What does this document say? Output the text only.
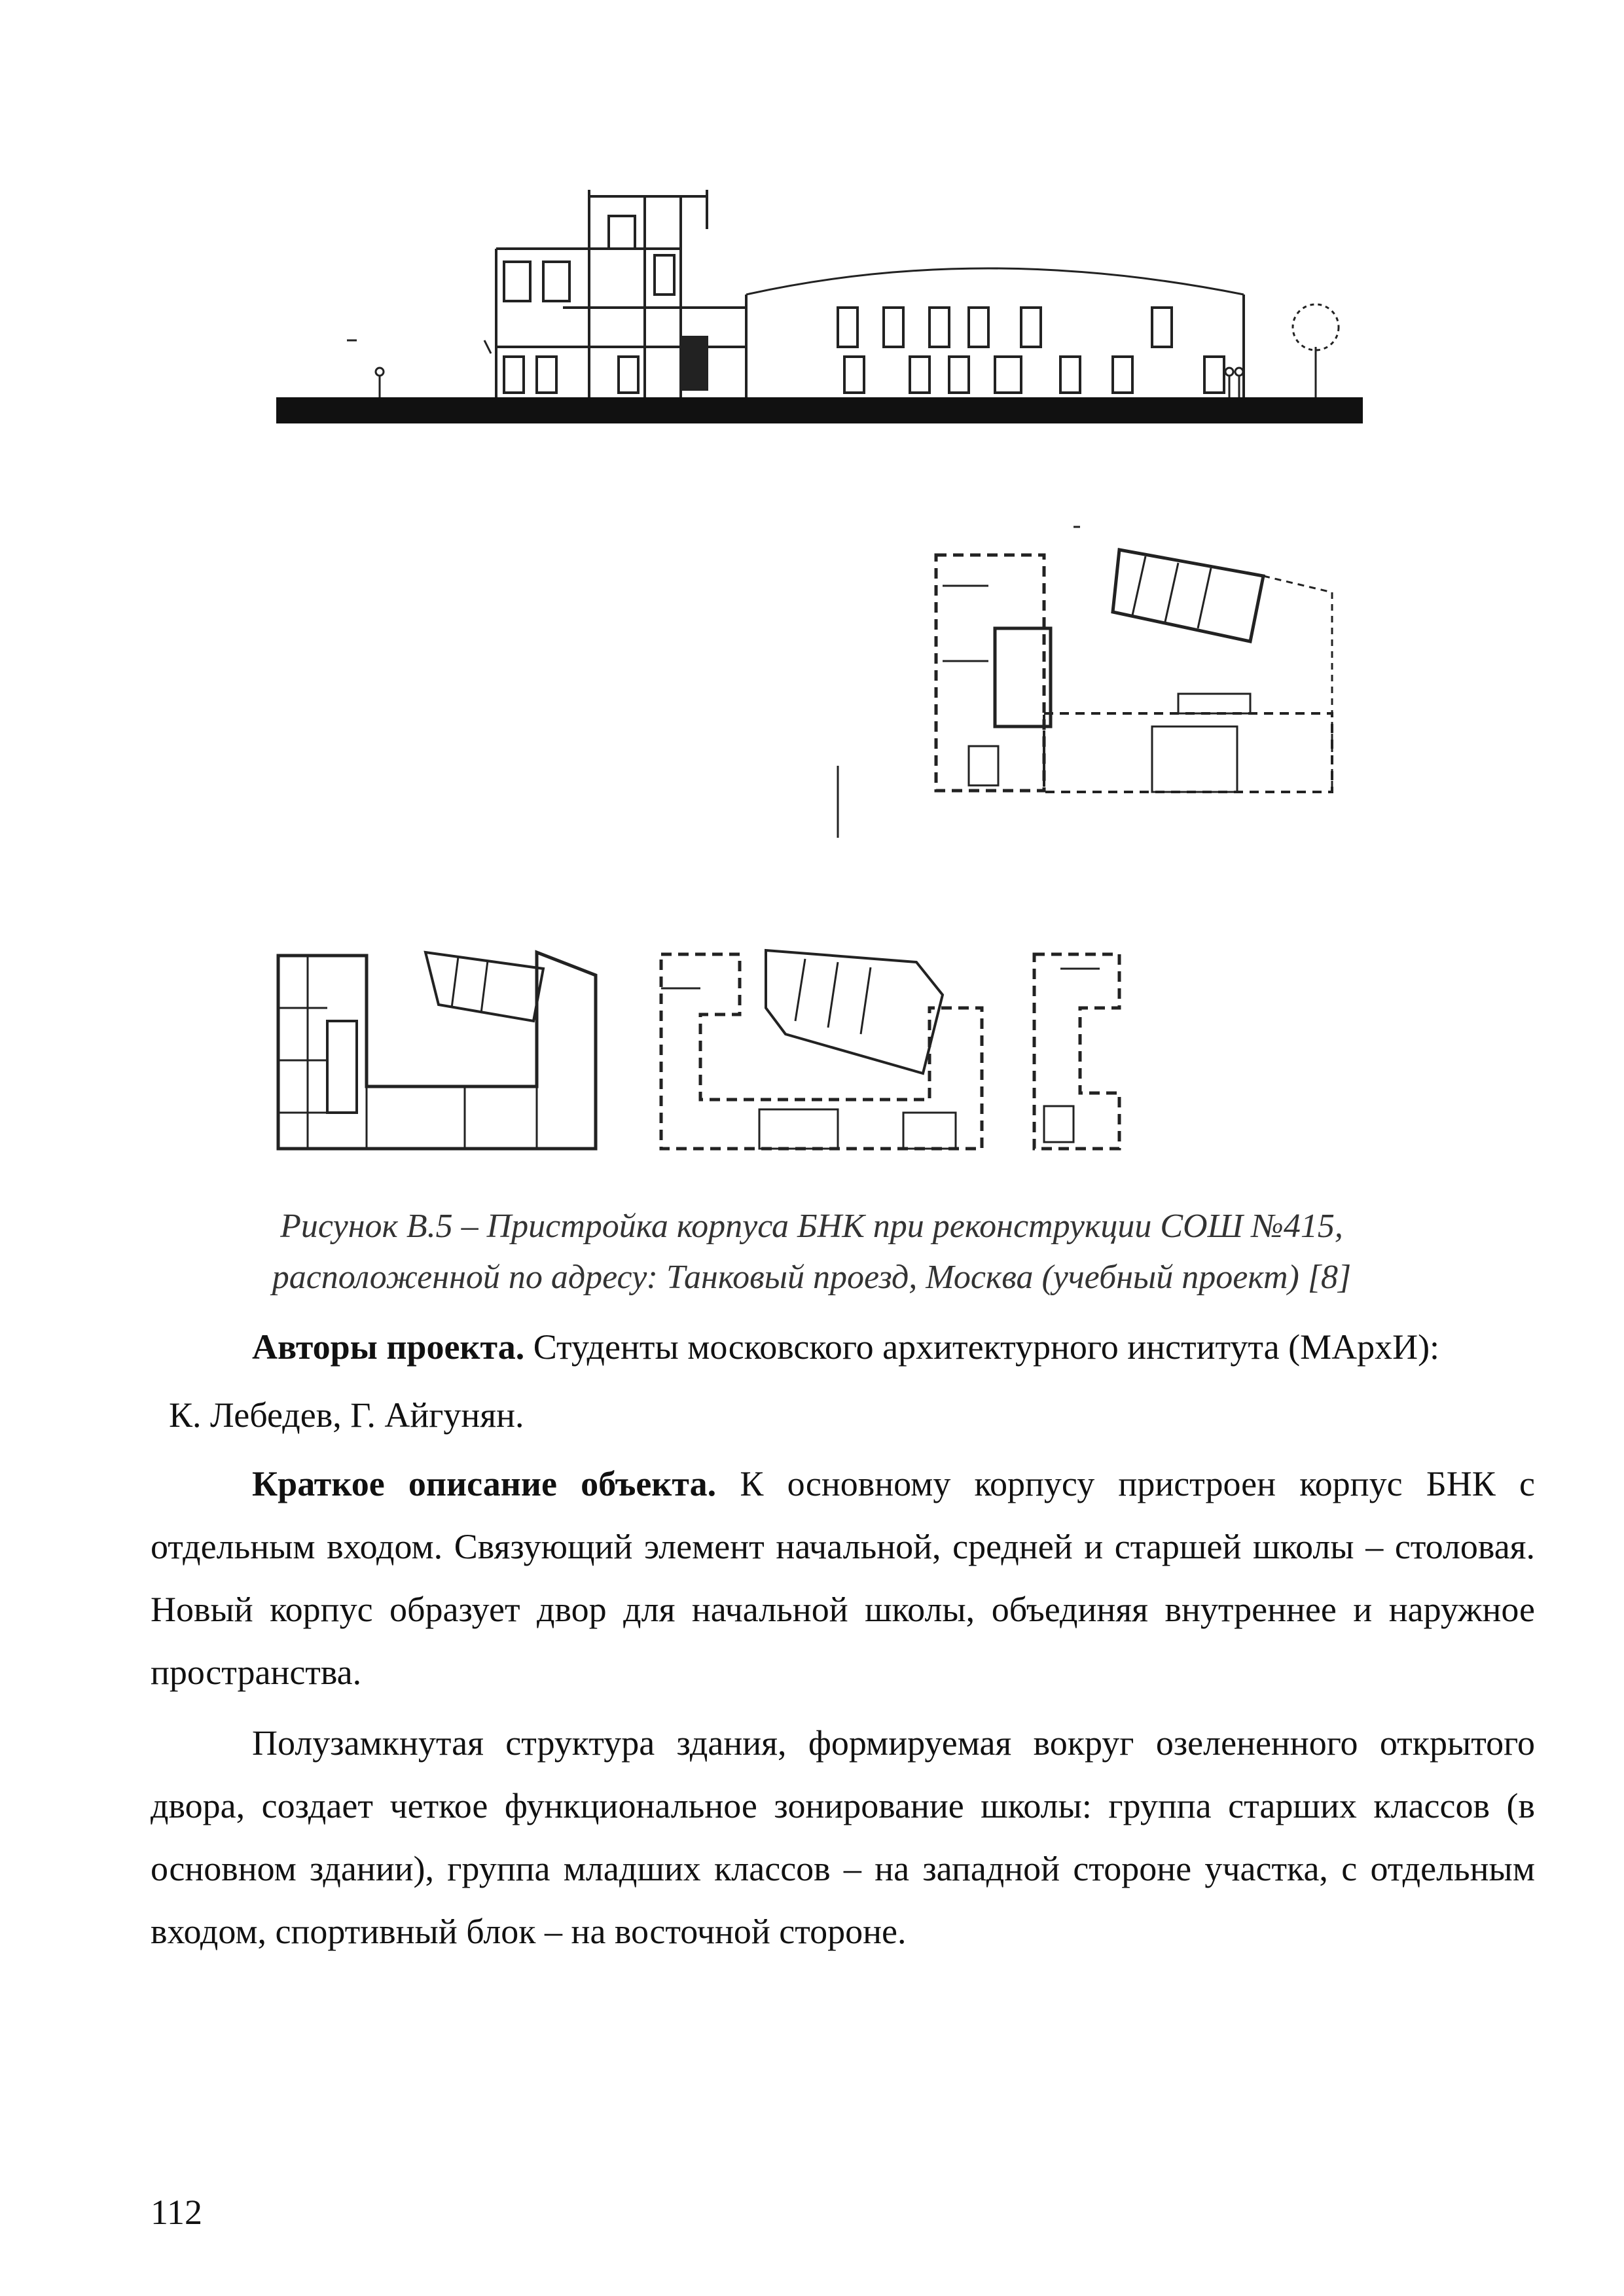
Рисунок В.5 – Пристройка корпуса БНК при реконструкции СОШ №415,
расположенной по адресу: Танковый проезд, Москва (учебный проект) [8]

Авторы проекта. Студенты московского архитектурного института (МАрхИ):

К. Лебедев, Г. Айгунян.

Краткое описание объекта. К основному корпусу пристроен корпус БНК с отдельным входом. Связующий элемент начальной, средней и старшей школы – столовая. Новый корпус образует двор для начальной школы, объединяя внутреннее и наружное пространства.

Полузамкнутая структура здания, формируемая вокруг озелененного открытого двора, создает четкое функциональное зонирование школы: группа старших классов (в основном здании), группа младших классов – на западной стороне участка, с отдельным входом, спортивный блок – на восточной стороне.

112
